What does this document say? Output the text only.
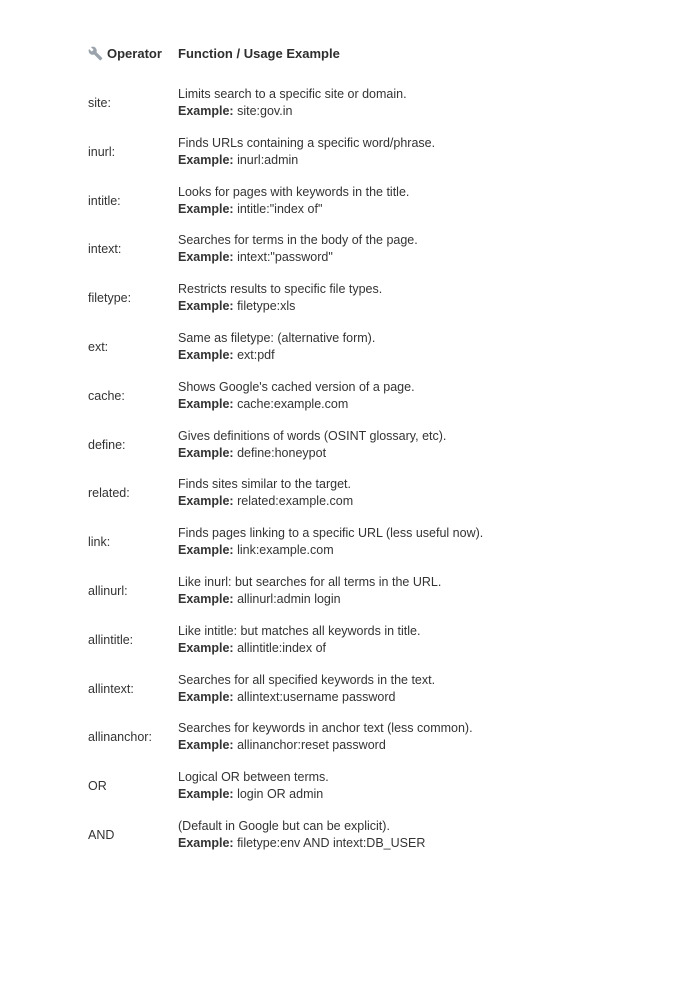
Operator Function / Usage Example
site:
Limits search to a specific site or domain.
Example: site:gov.in
inurl:
Finds URLs containing a specific word/phrase.
Example: inurl:admin
intitle:
Looks for pages with keywords in the title.
Example: intitle:"index of"
intext:
Searches for terms in the body of the page.
Example: intext:"password"
filetype:
Restricts results to specific file types.
Example: filetype:xls
ext:
Same as filetype: (alternative form).
Example: ext:pdf
cache:
Shows Google's cached version of a page.
Example: cache:example.com
define:
Gives definitions of words (OSINT glossary, etc).
Example: define:honeypot
related:
Finds sites similar to the target.
Example: related:example.com
link:
Finds pages linking to a specific URL (less useful now).
Example: link:example.com
allinurl:
Like inurl: but searches for all terms in the URL.
Example: allinurl:admin login
allintitle:
Like intitle: but matches all keywords in title.
Example: allintitle:index of
allintext:
Searches for all specified keywords in the text.
Example: allintext:username password
allinanchor:
Searches for keywords in anchor text (less common).
Example: allinanchor:reset password
OR
Logical OR between terms.
Example: login OR admin
AND
(Default in Google but can be explicit).
Example: filetype:env AND intext:DB_USER
